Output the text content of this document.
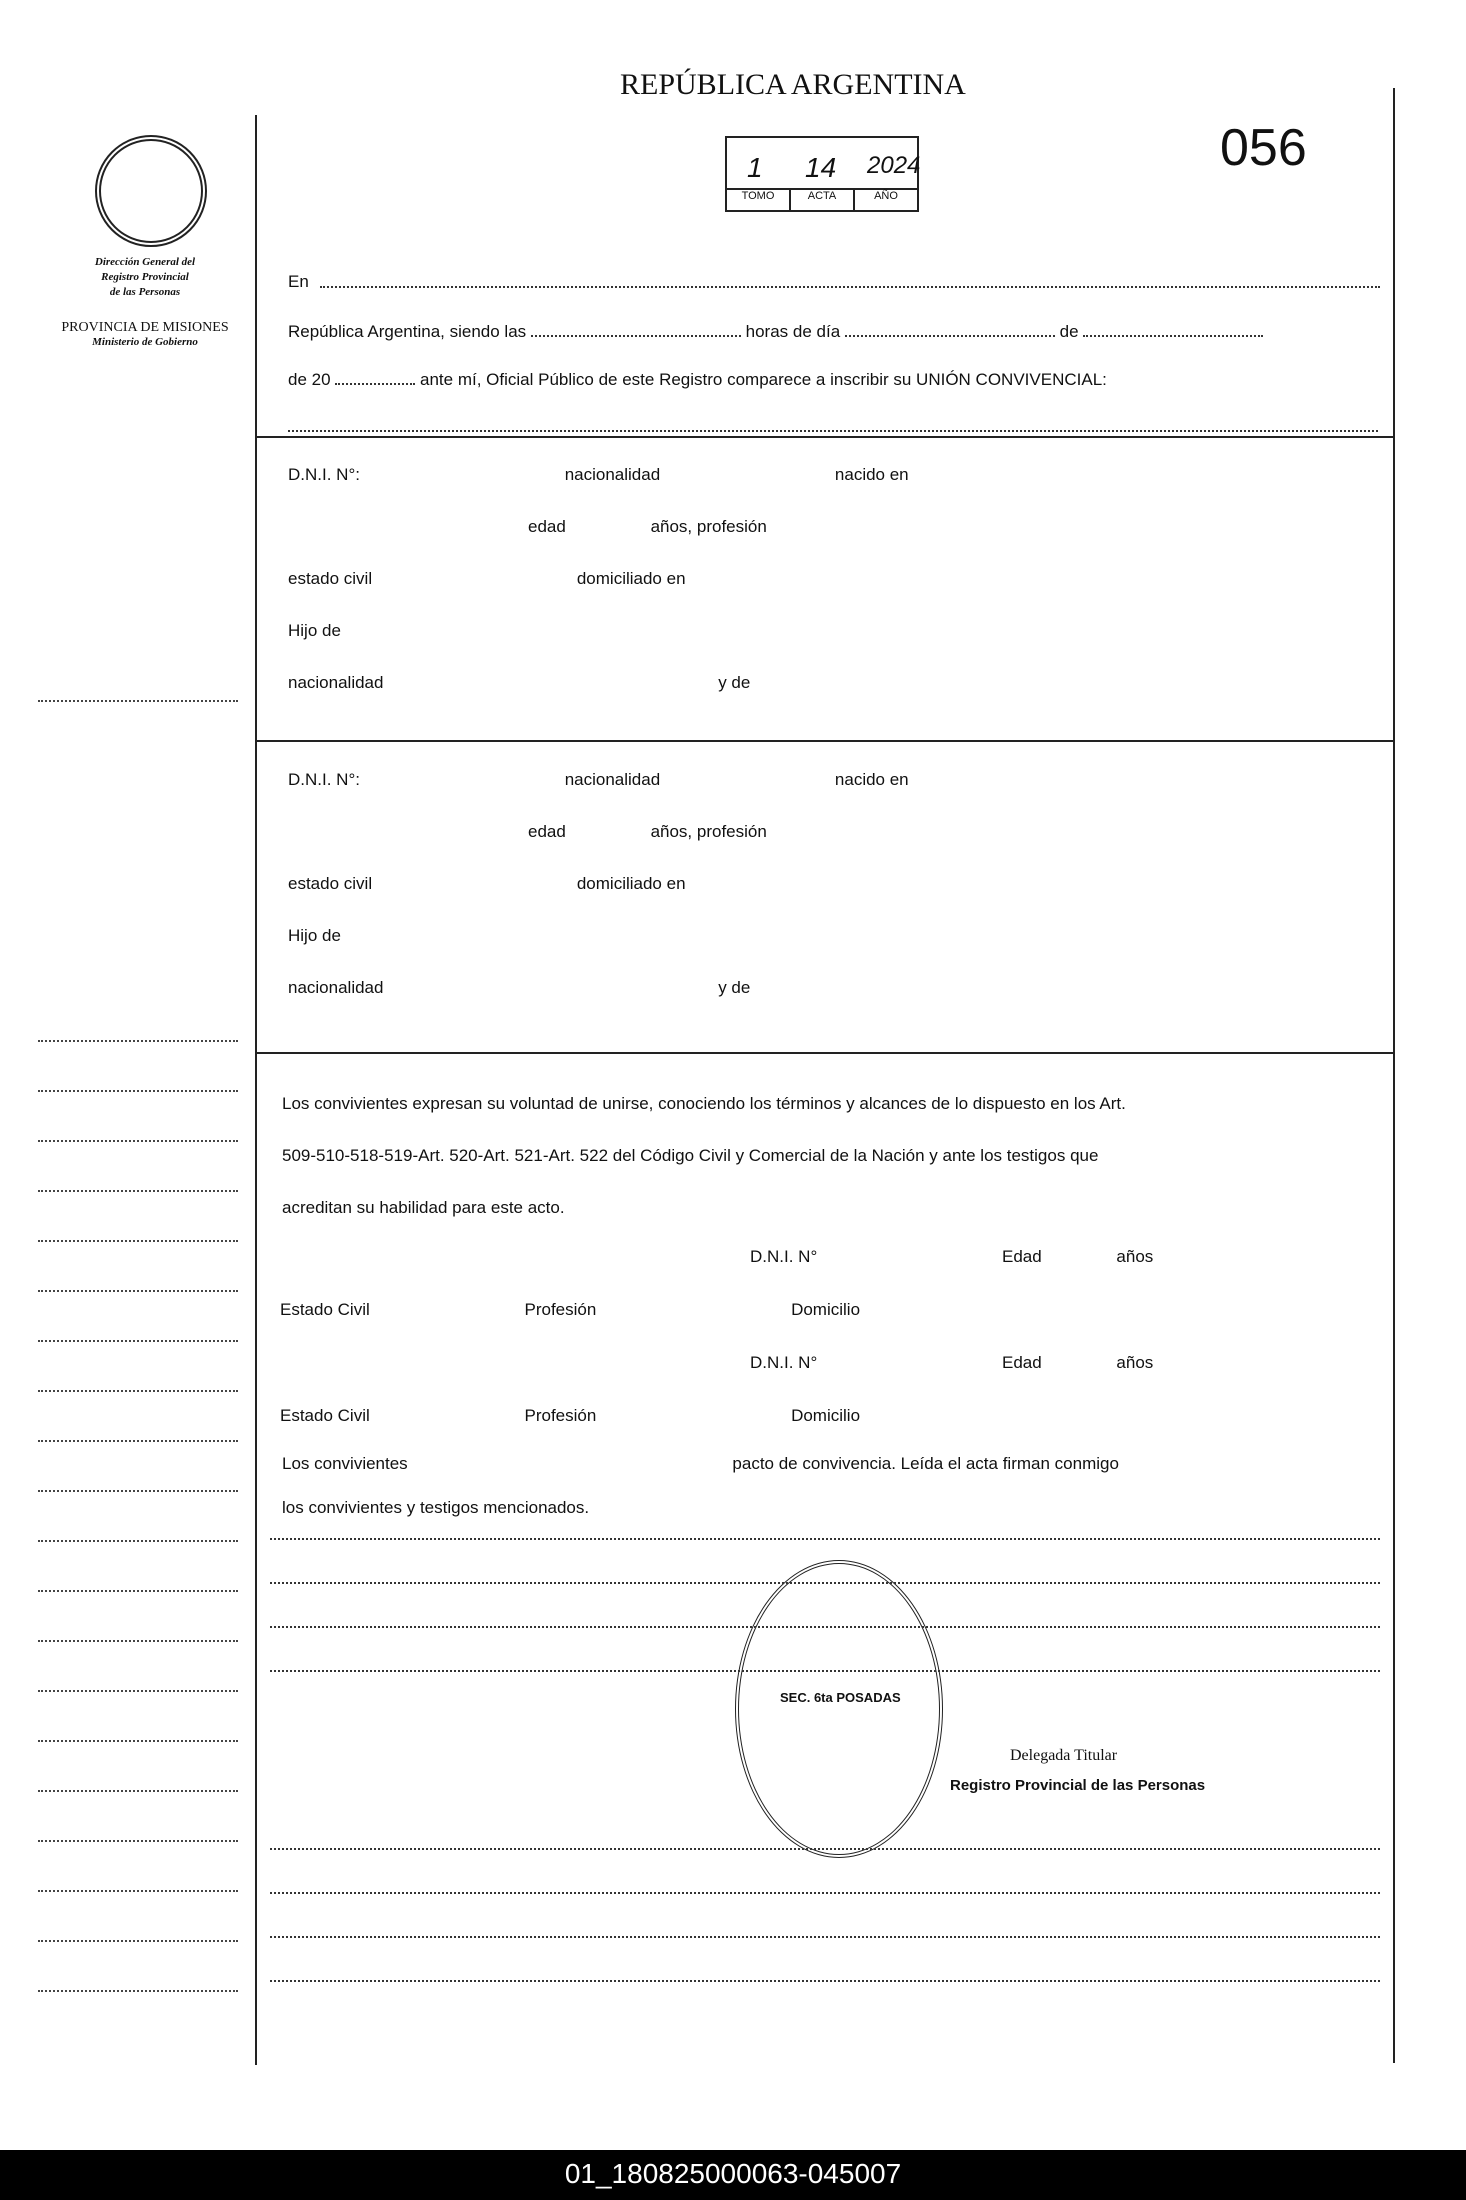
REPÚBLICA ARGENTINA
056
1 14 2024
TOMO	ACTA	AÑO
Dirección General del
Registro Provincial
de las Personas
PROVINCIA DE MISIONES
Ministerio de Gobierno
En
República Argentina, siendo las	horas de día	de
de 20	ante mí, Oficial Público de este Registro comparece a inscribir su UNIÓN CONVIVENCIAL:
D.N.I. N°:	nacionalidad	nacido en
edad	años, profesión
estado civil	domiciliado en
Hijo de
nacionalidad	y de
D.N.I. N°:	nacionalidad	nacido en
edad	años, profesión
estado civil	domiciliado en
Hijo de
nacionalidad	y de
Los convivientes expresan su voluntad de unirse, conociendo los términos y alcances de lo dispuesto en los Art.
509-510-518-519-Art. 520-Art. 521-Art. 522 del Código Civil y Comercial de la Nación y ante los testigos que
acreditan su habilidad para este acto.
D.N.I. N°	Edad	años
Estado Civil	Profesión	Domicilio
D.N.I. N°	Edad	años
Estado Civil	Profesión	Domicilio
Los convivientes	pacto de convivencia. Leída el acta firman conmigo
los convivientes y testigos mencionados.
SEC. 6ta POSADAS
Delegada Titular
Registro Provincial de las Personas
01_180825000063-045007
